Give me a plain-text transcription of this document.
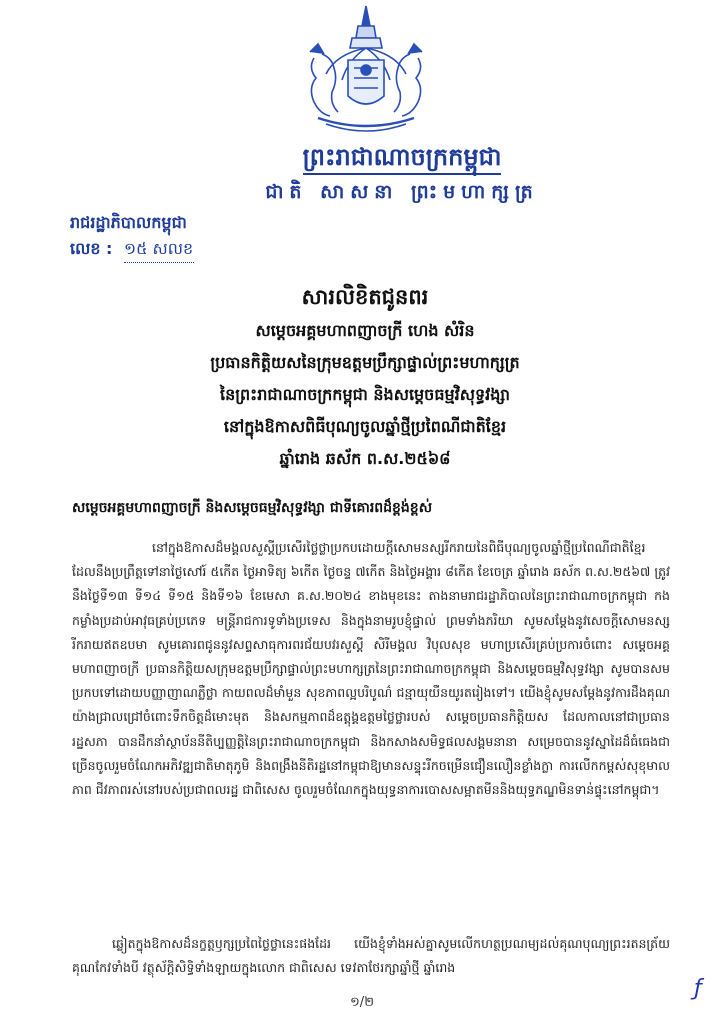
ព្រះរាជាណាចក្រកម្ពុជា
ជាតិ សាសនា ព្រះមហាក្សត្រ
រាជរដ្ឋាភិបាលកម្ពុជា
លេខ : ១៥ សលខ
សារលិខិតជូនពរ
សម្តេចអគ្គមហាពញាចក្រី ហេង សំរិន
ប្រធានកិត្តិយសនៃក្រុមឧត្តមប្រឹក្សាផ្ទាល់ព្រះមហាក្សត្រ
នៃព្រះរាជាណាចក្រកម្ពុជា និងសម្តេចធម្មវិសុទ្ធវង្សា
នៅក្នុងឱកាសពិធីបុណ្យចូលឆ្នាំថ្មីប្រពៃណីជាតិខ្មែរ
ឆ្នាំរោង ឆស័ក ព.ស.២៥៦៨
សម្តេចអគ្គមហាពញាចក្រី និងសម្តេចធម្មវិសុទ្ធវង្សា ជាទីគោរពដ៏ខ្ពង់ខ្ពស់

នៅក្នុងឱកាសដ៏មង្គលសួស្តីប្រសើរថ្លៃថ្លាប្រកបដោយក្តីសោមនស្សរីករាយនៃពិធីបុណ្យចូលឆ្នាំថ្មីប្រពៃណីជាតិខ្មែរ ដែលនឹងប្រព្រឹត្តទៅនាថ្ងៃសៅរ៍ ៥កើត ថ្ងៃអាទិត្យ ៦កើត ថ្ងៃចន្ទ ៧កើត និងថ្ងៃអង្គារ ៨កើត ខែចេត្រ ឆ្នាំរោង ឆស័ក ព.ស.២៥៦៧ ត្រូវនឹងថ្ងៃទី១៣ ទី១៤ ទី១៥ និងទី១៦ ខែមេសា គ.ស.២០២៤ ខាងមុខនេះ តាងនាមរាជរដ្ឋាភិបាលនៃព្រះរាជាណាចក្រកម្ពុជា កងកម្លាំងប្រដាប់អាវុធគ្រប់ប្រភេទ មន្ត្រីរាជការទូទាំងប្រទេស និងក្នុងនាមរូបខ្ញុំផ្ទាល់ ព្រមទាំងភរិយា សូមសម្តែងនូវសេចក្តីសោមនស្សរីករាយឥតឧបមា សូមគោរពជូននូវសព្ទសាធុការពរជ័យបវរសួស្តី សិរីមង្គល វិបុលសុខ មហាប្រសើរគ្រប់ប្រការចំពោះ សម្តេចអគ្គមហាពញាចក្រី ប្រធានកិត្តិយសក្រុមឧត្តមប្រឹក្សាផ្ទាល់ព្រះមហាក្សត្រនៃព្រះរាជាណាចក្រកម្ពុជា និងសម្តេចធម្មវិសុទ្ធវង្សា សូមបានសមប្រកបទៅដោយបញ្ញាញាណភ្លឺថ្លា កាយពលដ៏មាំមួន សុខភាពល្អបរិបូណ៌ ជន្មាយុយឺនយូរតរៀងទៅ។ យើងខ្ញុំសូមសម្តែងនូវការដឹងគុណយ៉ាងជ្រាលជ្រៅចំពោះទឹកចិត្តដ៏មោះមុត និងសកម្មភាពដ៏ឧត្តុង្គឧត្តមថ្លៃថ្លារបស់ សម្តេចប្រធានកិត្តិយស ដែលកាលនៅជាប្រធានរដ្ឋសភា បានដឹកនាំស្ថាប័ននីតិប្បញ្ញត្តិនៃព្រះរាជាណាចក្រកម្ពុជា និងកសាងសមិទ្ធផលសង្គមនានា សម្រេចបាននូវស្នាដៃដ៏ធំធេងជាច្រើនចូលរួមចំណែកអភិវឌ្ឍជាតិមាតុភូមិ និងពង្រឹងនីតិរដ្ឋនៅកម្ពុជាឱ្យមានសន្ទុះរីកចម្រើនជឿនលឿនខ្លាំងក្លា ការលើកកម្ពស់សុខុមាលភាព ជីវភាពរស់នៅរបស់ប្រជាពលរដ្ឋ ជាពិសេស ចូលរួមចំណែកក្នុងយុទ្ធនាការបោសសម្អាតមីននិងយុទ្ធភណ្ឌមិនទាន់ផ្ទុះនៅកម្ពុជា។

ឆ្លៀតក្នុងឱកាសដ៏នក្ខត្តឫក្សប្រពៃថ្លៃថ្លានេះផងដែរ យើងខ្ញុំទាំងអស់គ្នាសូមលើកហត្ថប្រណម្យដល់គុណបុណ្យព្រះរតនត្រ័យ គុណកែវទាំងបី វត្ថុស័ក្តិសិទ្ធិទាំងឡាយក្នុងលោក ជាពិសេស ទេវតាថែរក្សាឆ្នាំថ្មី ឆ្នាំរោង

១/២
ƒ
